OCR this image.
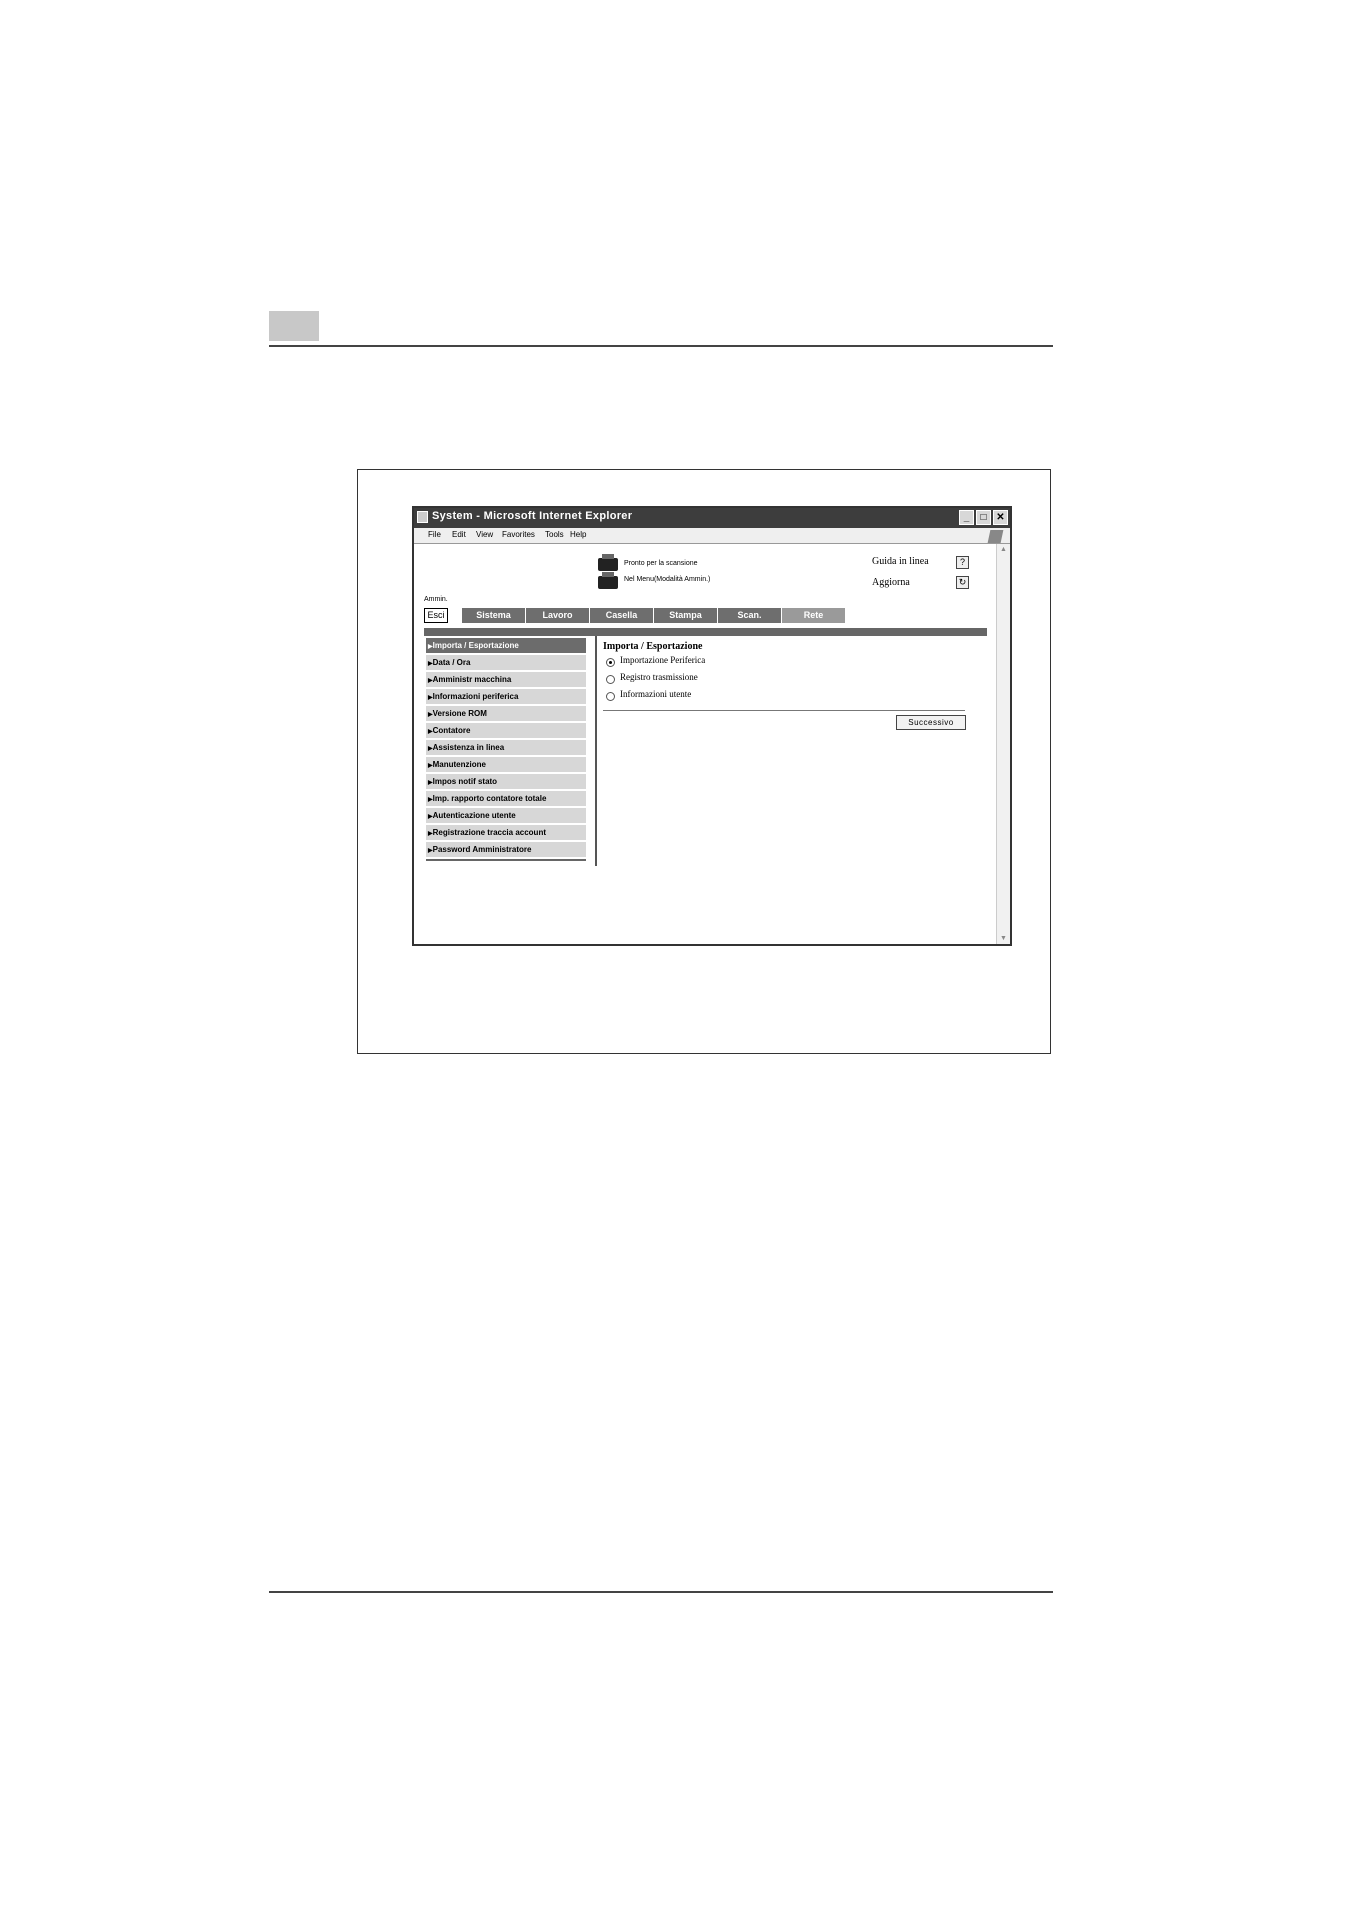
System - Microsoft Internet Explorer	_	□ ✕
File Edit View Favorites Tools Help
▲
▼
Pronto per la scansione
Nel Menu(Modalità Ammin.)
Guida in linea	?
Aggiorna	↻
Ammin.
Esci	Sistema	Lavoro	Casella	Stampa	Scan.	Rete
▶Importa / Esportazione
▶Data / Ora
▶Amministr macchina
▶Informazioni periferica
▶Versione ROM
▶Contatore
▶Assistenza in linea
▶Manutenzione
▶Impos notif stato
▶Imp. rapporto contatore totale
▶Autenticazione utente
▶Registrazione traccia account
▶Password Amministratore
Importa / Esportazione
Importazione Periferica
Registro trasmissione
Informazioni utente
Successivo
